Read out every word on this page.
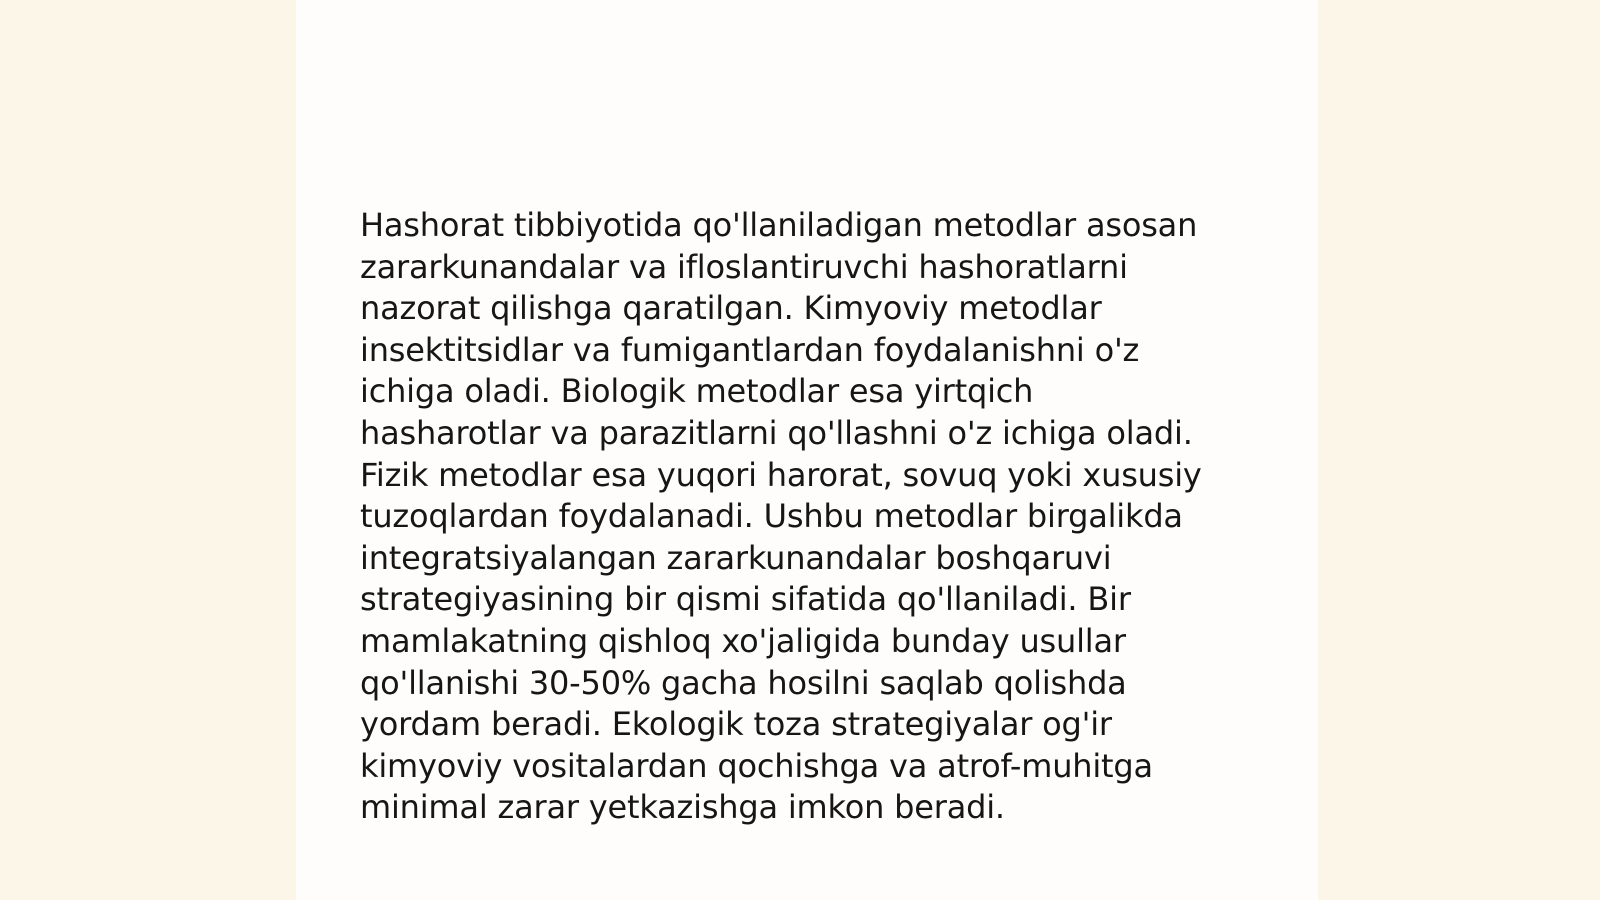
Hashorat tibbiyotida qo'llaniladigan metodlar asosan
zararkunandalar va ifloslantiruvchi hashoratlarni
nazorat qilishga qaratilgan. Kimyoviy metodlar
insektitsidlar va fumigantlardan foydalanishni o'z
ichiga oladi. Biologik metodlar esa yirtqich
hasharotlar va parazitlarni qo'llashni o'z ichiga oladi.
Fizik metodlar esa yuqori harorat, sovuq yoki xususiy
tuzoqlardan foydalanadi. Ushbu metodlar birgalikda
integratsiyalangan zararkunandalar boshqaruvi
strategiyasining bir qismi sifatida qo'llaniladi. Bir
mamlakatning qishloq xo'jaligida bunday usullar
qo'llanishi 30-50% gacha hosilni saqlab qolishda
yordam beradi. Ekologik toza strategiyalar og'ir
kimyoviy vositalardan qochishga va atrof-muhitga
minimal zarar yetkazishga imkon beradi.
